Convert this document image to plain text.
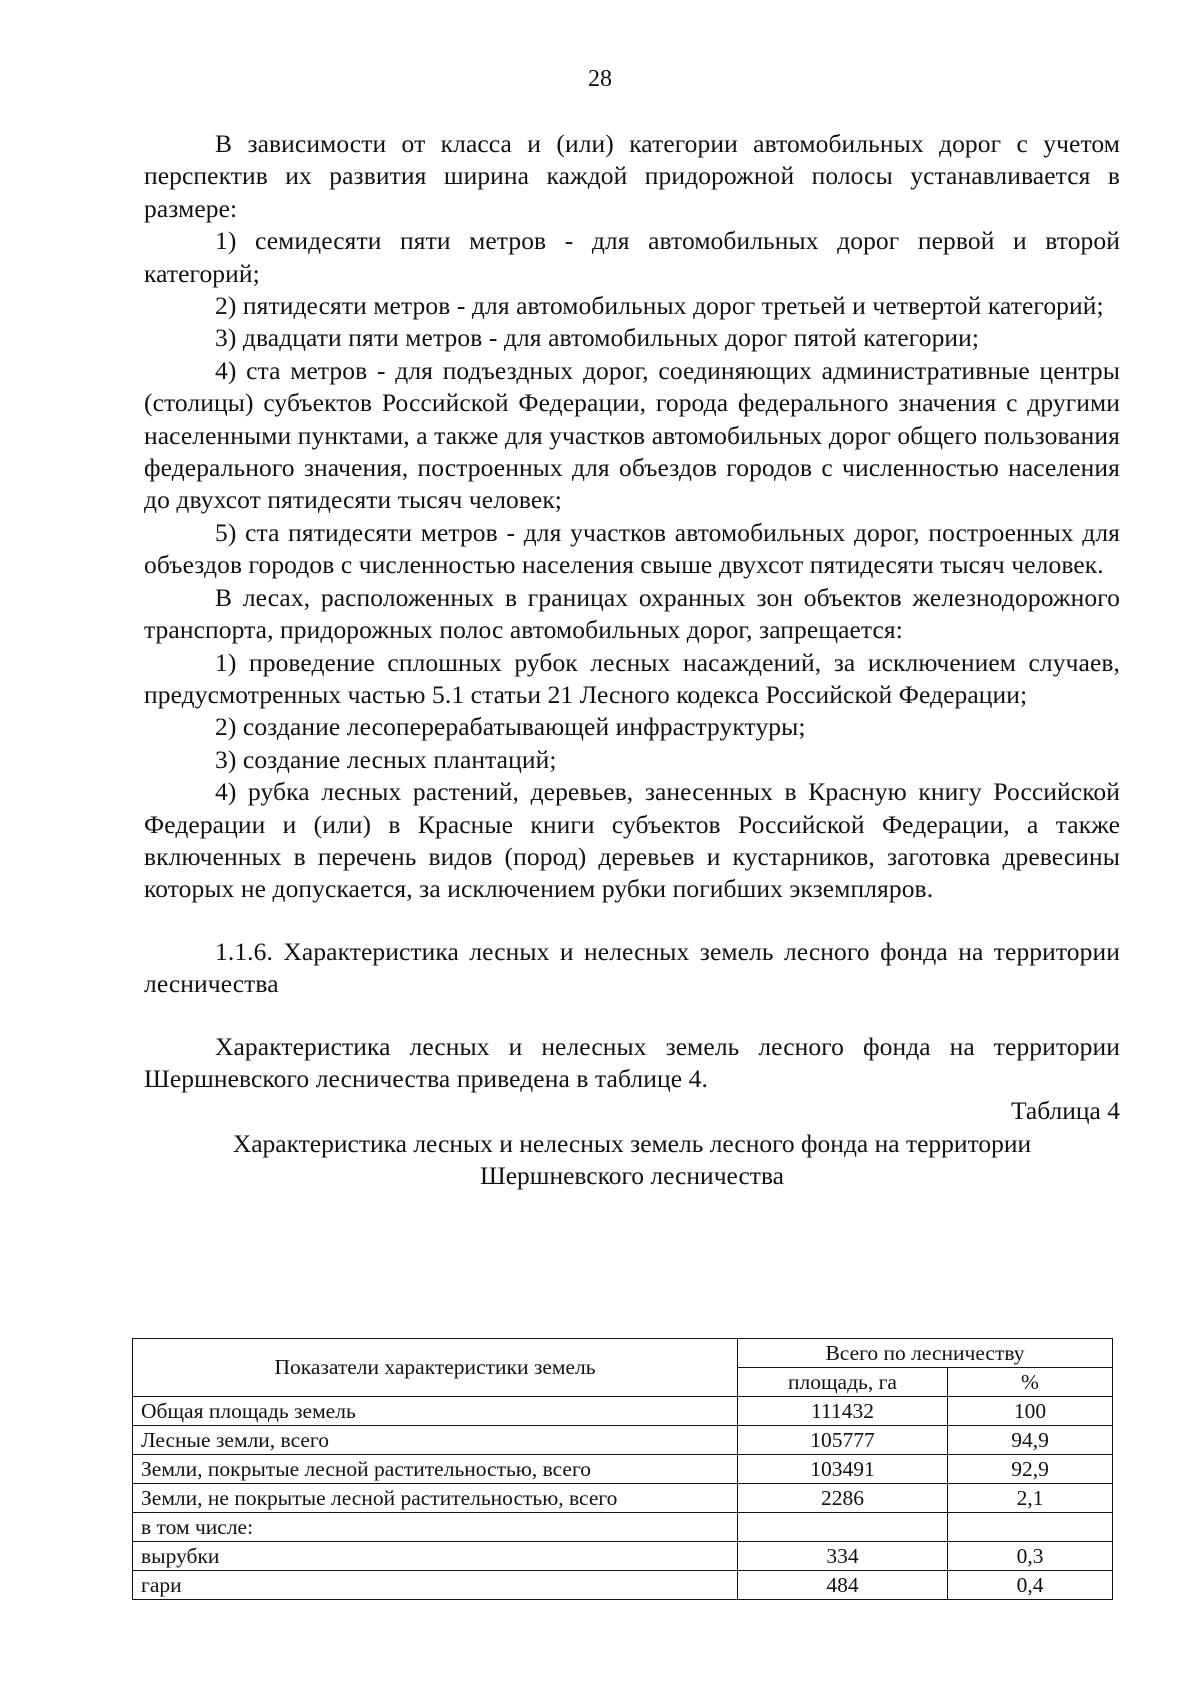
28

В зависимости от класса и (или) категории автомобильных дорог с учетом перспектив их развития ширина каждой придорожной полосы устанавливается в размере:

1) семидесяти пяти метров - для автомобильных дорог первой и второй категорий;

2) пятидесяти метров - для автомобильных дорог третьей и четвертой категорий;

3) двадцати пяти метров - для автомобильных дорог пятой категории;

4) ста метров - для подъездных дорог, соединяющих административные центры (столицы) субъектов Российской Федерации, города федерального значения с другими населенными пунктами, а также для участков автомобильных дорог общего пользования федерального значения, построенных для объездов городов с численностью населения до двухсот пятидесяти тысяч человек;

5) ста пятидесяти метров - для участков автомобильных дорог, построенных для объездов городов с численностью населения свыше двухсот пятидесяти тысяч человек.

В лесах, расположенных в границах охранных зон объектов железнодорожного транспорта, придорожных полос автомобильных дорог, запрещается:

1) проведение сплошных рубок лесных насаждений, за исключением случаев, предусмотренных частью 5.1 статьи 21 Лесного кодекса Российской Федерации;

2) создание лесоперерабатывающей инфраструктуры;

3) создание лесных плантаций;

4) рубка лесных растений, деревьев, занесенных в Красную книгу Российской Федерации и (или) в Красные книги субъектов Российской Федерации, а также включенных в перечень видов (пород) деревьев и кустарников, заготовка древесины которых не допускается, за исключением рубки погибших экземпляров.

1.1.6. Характеристика лесных и нелесных земель лесного фонда на территории лесничества

Характеристика лесных и нелесных земель лесного фонда на территории Шершневского лесничества приведена в таблице 4.

Таблица 4

Характеристика лесных и нелесных земель лесного фонда на территории

Шершневского лесничества

Показатели характеристики земель	Всего по лесничеству	
	площадь, га	%
Общая площадь земель	111432	100
Лесные земли, всего	105777	94,9
Земли, покрытые лесной растительностью, всего	103491	92,9
Земли, не покрытые лесной растительностью, всего	2286	2,1
в том числе:		
вырубки	334	0,3
гари	484	0,4
